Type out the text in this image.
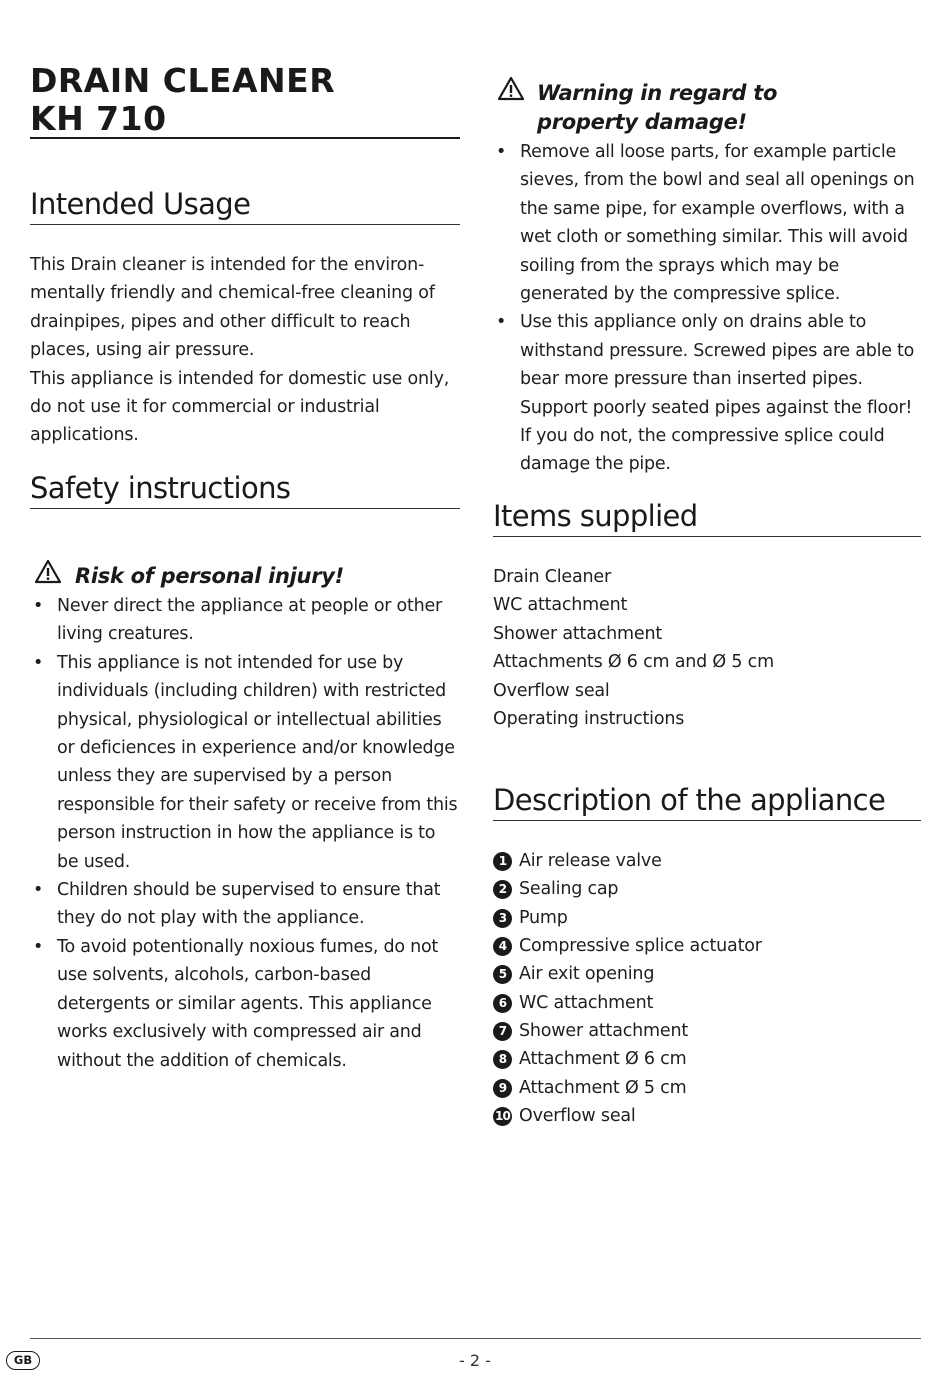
DRAIN CLEANER
KH 710
Intended Usage

This Drain cleaner is intended for the environ-mentally friendly and chemical-free cleaning of drainpipes, pipes and other difficult to reach places, using air pressure.

This appliance is intended for domestic use only, do not use it for commercial or industrial applications.

Safety instructions
Risk of personal injury!
• Never direct the appliance at people or other living creatures.
• This appliance is not intended for use by individuals (including children) with restricted physical, physiological or intellectual abilities or deficiences in experience and/or knowledge unless they are supervised by a person responsible for their safety or receive from this person instruction in how the appliance is to be used.
• Children should be supervised to ensure that they do not play with the appliance.
• To avoid potentionally noxious fumes, do not use solvents, alcohols, carbon-based detergents or similar agents. This appliance works exclusively with compressed air and without the addition of chemicals.
Warning in regard to property damage!
• Remove all loose parts, for example particle sieves, from the bowl and seal all openings on the same pipe, for example overflows, with a wet cloth or something similar. This will avoid soiling from the sprays which may be generated by the compressive splice.
• Use this appliance only on drains able to withstand pressure. Screwed pipes are able to bear more pressure than inserted pipes. Support poorly seated pipes against the floor! If you do not, the compressive splice could damage the pipe.
Items supplied
Drain Cleaner
WC attachment
Shower attachment
Attachments Ø 6 cm and Ø 5 cm
Overflow seal
Operating instructions
Description of the appliance
1 Air release valve
2 Sealing cap
3 Pump
4 Compressive splice actuator
5 Air exit opening
6 WC attachment
7 Shower attachment
8 Attachment Ø 6 cm
9 Attachment Ø 5 cm
10 Overflow seal
GB	- 2 -
